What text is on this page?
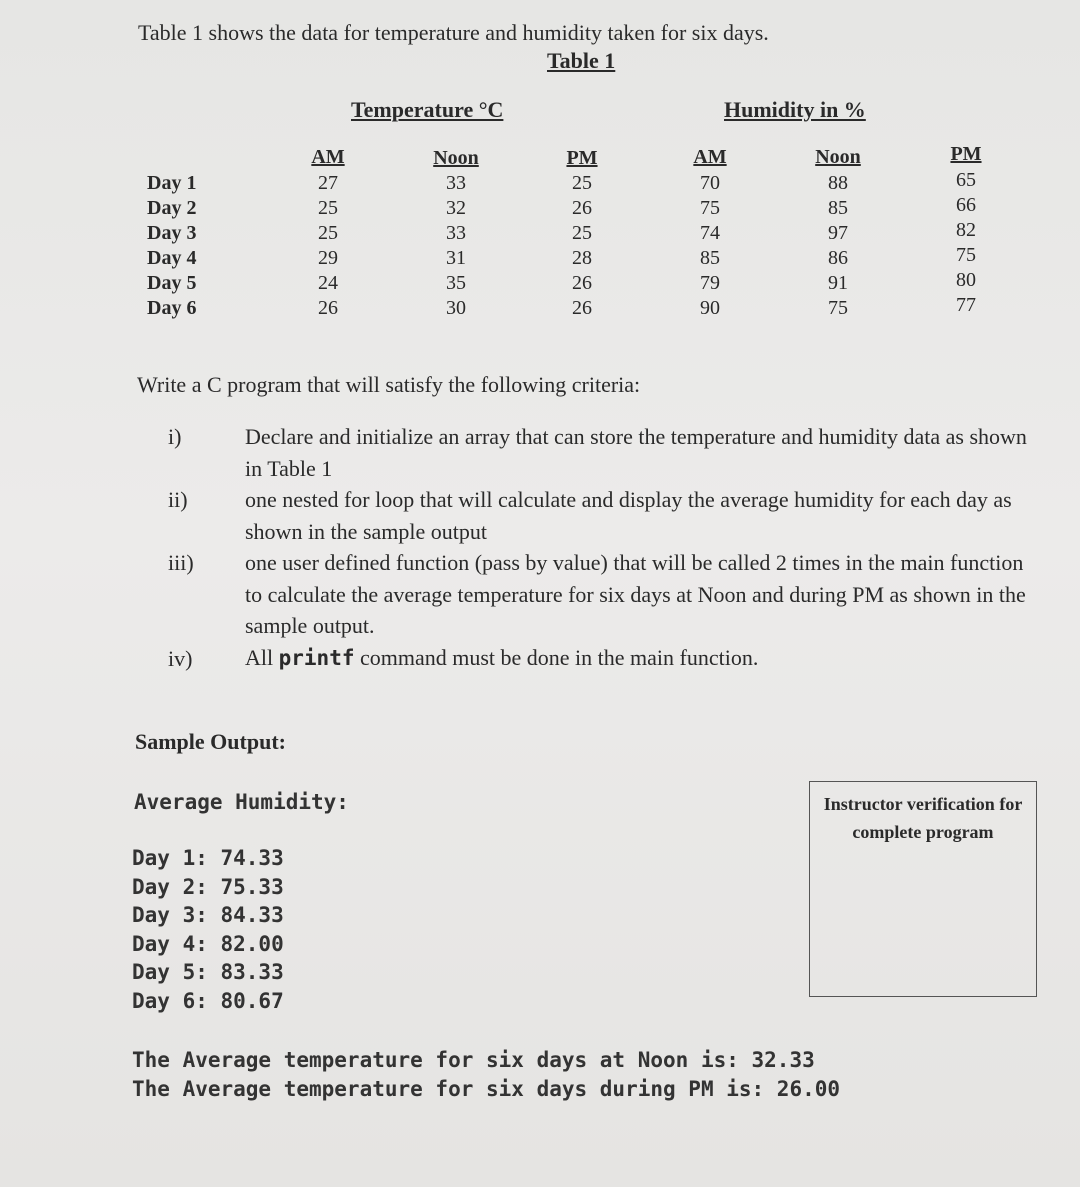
Table 1 shows the data for temperature and humidity taken for six days.
Table 1
Temperature °C	Humidity in %
AM	Noon	PM	AM	Noon	PM
Day 1	27	33	25	70	88	65
Day 2	25	32	26	75	85	66
Day 3	25	33	25	74	97	82
Day 4	29	31	28	85	86	75
Day 5	24	35	26	79	91	80
Day 6	26	30	26	90	75	77
Write a C program that will satisfy the following criteria:
i)	Declare and initialize an array that can store the temperature and humidity data as shown in Table 1
ii)	one nested for loop that will calculate and display the average humidity for each day as shown in the sample output
iii) one user defined function (pass by value) that will be called 2 times in the main function to calculate the average temperature for six days at Noon and during PM as shown in the sample output.
iv) All printf command must be done in the main function.
Sample Output:
Average Humidity:
Day 1: 74.33
Day 2: 75.33
Day 3: 84.33
Day 4: 82.00
Day 5: 83.33
Day 6: 80.67
The Average temperature for six days at Noon is: 32.33
The Average temperature for six days during PM is: 26.00
Instructor verification for complete program
